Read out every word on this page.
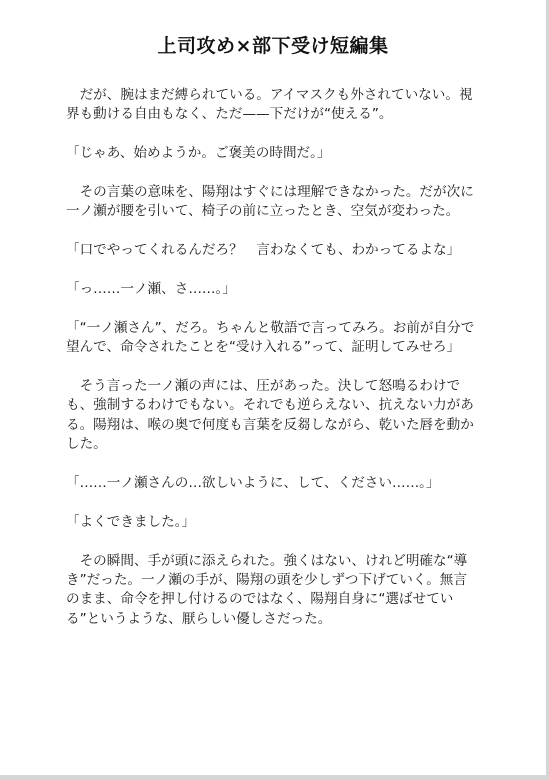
上司攻め×部下受け短編集

だが、腕はまだ縛られている。アイマスクも外されていない。視界も動ける自由もなく、ただ——下だけが“使える”。

「じゃあ、始めようか。ご褒美の時間だ。」

その言葉の意味を、陽翔はすぐには理解できなかった。だが次に一ノ瀬が腰を引いて、椅子の前に立ったとき、空気が変わった。

「口でやってくれるんだろ？　言わなくても、わかってるよな」

「っ……一ノ瀬、さ……。」

「“一ノ瀬さん”、だろ。ちゃんと敬語で言ってみろ。お前が自分で望んで、命令されたことを“受け入れる”って、証明してみせろ」

そう言った一ノ瀬の声には、圧があった。決して怒鳴るわけでも、強制するわけでもない。それでも逆らえない、抗えない力がある。陽翔は、喉の奥で何度も言葉を反芻しながら、乾いた唇を動かした。

「……一ノ瀬さんの…欲しいように、して、ください……。」

「よくできました。」

その瞬間、手が頭に添えられた。強くはない、けれど明確な“導き”だった。一ノ瀬の手が、陽翔の頭を少しずつ下げていく。無言のまま、命令を押し付けるのではなく、陽翔自身に“選ばせている”というような、厭らしい優しさだった。
